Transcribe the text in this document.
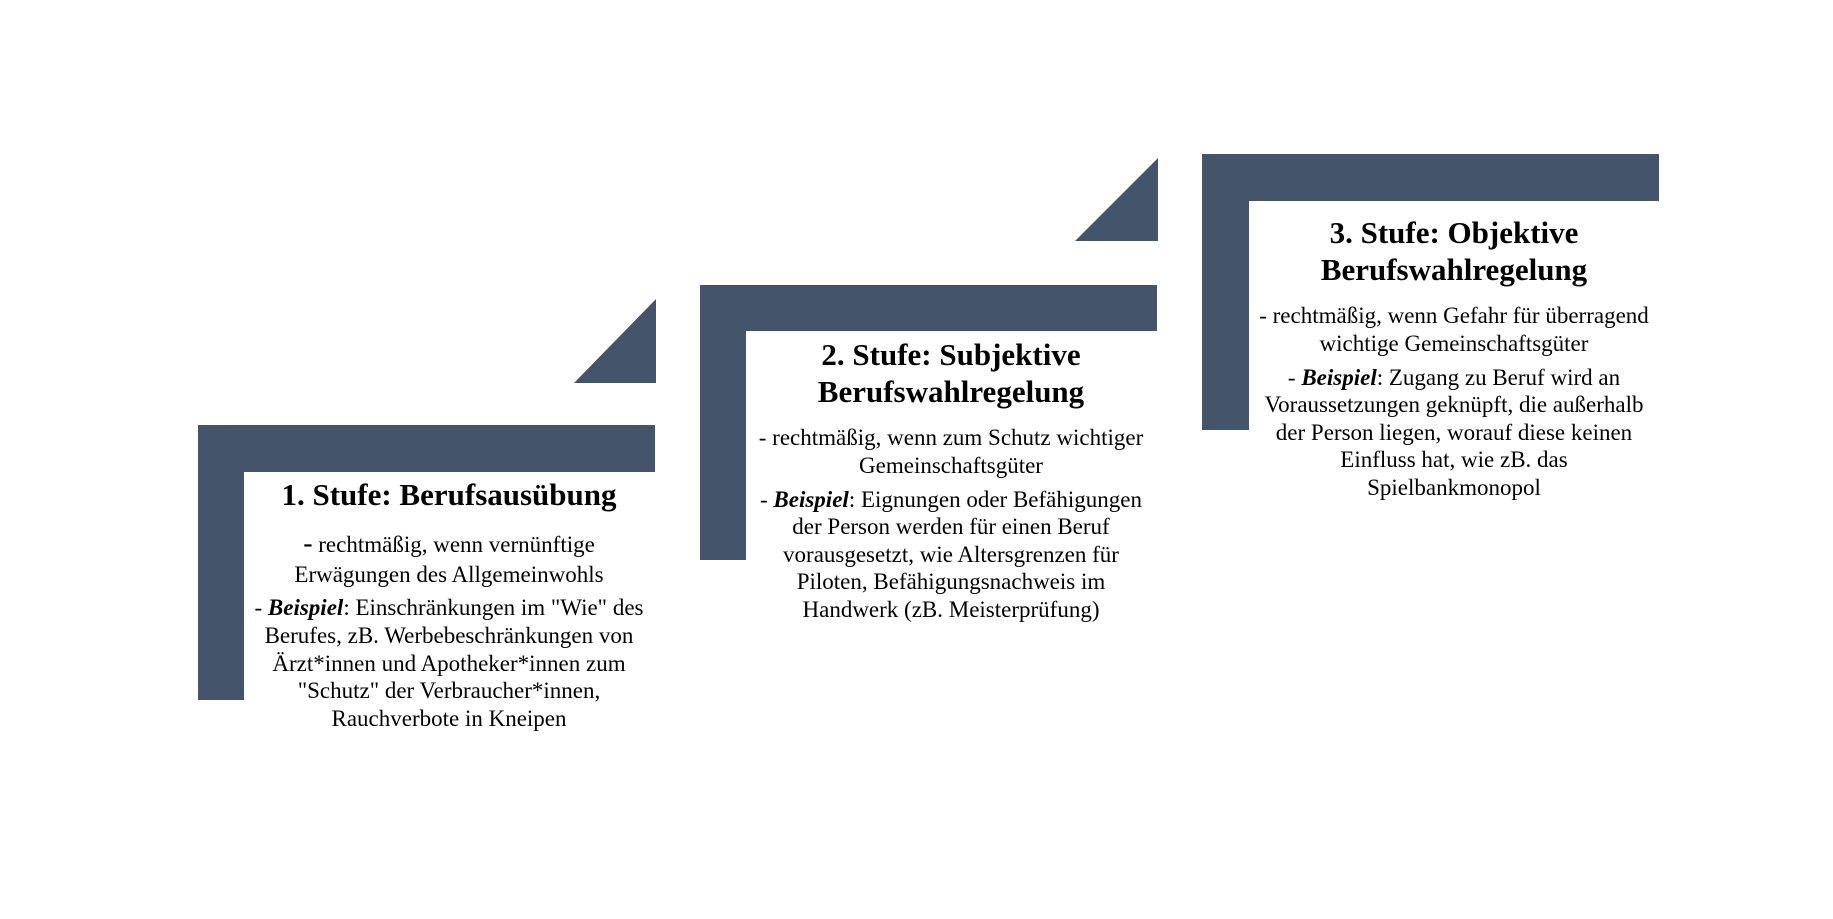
1. Stufe: Berufsausübung
- rechtmäßig, wenn vernünftige Erwägungen des Allgemeinwohls
- Beispiel: Einschränkungen im "Wie" des Berufes, zB. Werbebeschränkungen von Ärzt*innen und Apotheker*innen zum "Schutz" der Verbraucher*innen, Rauchverbote in Kneipen
2. Stufe: Subjektive Berufswahlregelung
- rechtmäßig, wenn zum Schutz wichtiger Gemeinschaftsgüter
- Beispiel: Eignungen oder Befähigungen der Person werden für einen Beruf vorausgesetzt, wie Altersgrenzen für Piloten, Befähigungsnachweis im Handwerk (zB. Meisterprüfung)
3. Stufe: Objektive Berufswahlregelung
- rechtmäßig, wenn Gefahr für überragend wichtige Gemeinschaftsgüter
- Beispiel: Zugang zu Beruf wird an Voraussetzungen geknüpft, die außerhalb der Person liegen, worauf diese keinen Einfluss hat, wie zB. das Spielbankmonopol
